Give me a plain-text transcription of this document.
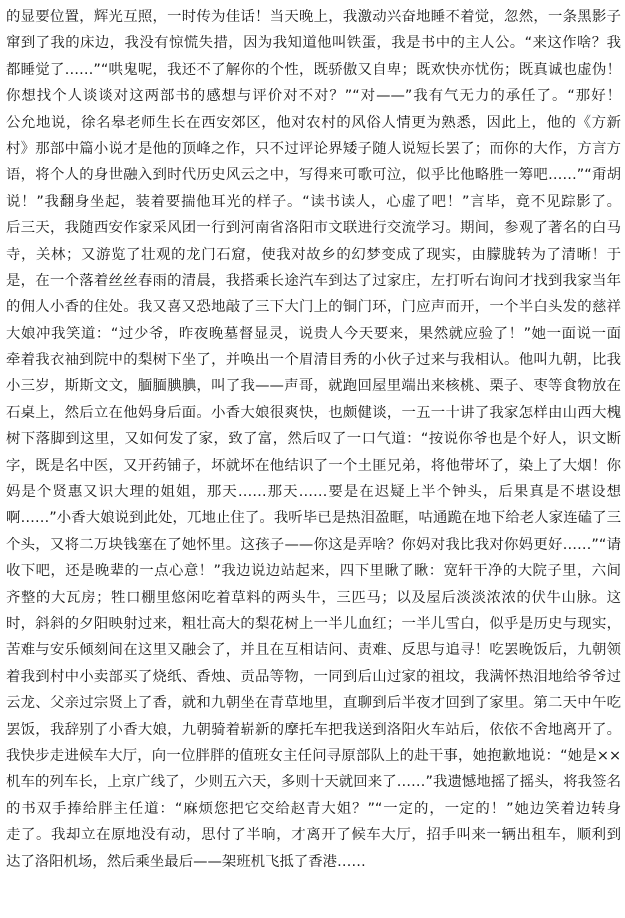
的显要位置，辉光互照，一时传为佳话！当天晚上，我激动兴奋地睡不着觉，忽然，一条黑影子
窜到了我的床边，我没有惊慌失措，因为我知道他叫铁蛋，我是书中的主人公。“来这作啥？我
都睡觉了……”“哄鬼呢，我还不了解你的个性，既骄傲又自卑；既欢快亦忧伤；既真诚也虚伪！
你想找个人谈谈对这两部书的感想与评价对不对？”“对——”我有气无力的承任了。“那好！
公允地说，徐名皋老师生长在西安郊区，他对农村的风俗人情更为熟悉，因此上，他的《方新
村》那部中篇小说才是他的顶峰之作，只不过评论界矮子随人说短长罢了；而你的大作，方言方
语，将个人的身世融入到时代历史风云之中，写得来可歌可泣，似乎比他略胜一筹吧……”“甭胡
说！”我翻身坐起，装着要揣他耳光的样子。“读书读人，心虚了吧！”言毕，竟不见踪影了。
后三天，我随西安作家采风团一行到河南省洛阳市文联进行交流学习。期间，参观了著名的白马
寺，关林；又游览了壮观的龙门石窟，使我对故乡的幻梦变成了现实，由朦胧转为了清晰！于
是，在一个落着丝丝春雨的清晨，我搭乘长途汽车到达了过家庄，左打听右询问才找到我家当年
的佣人小香的住处。我又喜又恐地敲了三下大门上的铜门环，门应声而开，一个半白头发的慈祥
大娘冲我笑道：“过少爷，昨夜晚墓督显灵，说贵人今天要来，果然就应验了！”她一面说一面
牵着我衣袖到院中的梨树下坐了，并唤出一个眉清目秀的小伙子过来与我相认。他叫九朝，比我
小三岁，斯斯文文，腼腼腆腆，叫了我——声哥，就跑回屋里端出来核桃、栗子、枣等食物放在
石桌上，然后立在他妈身后面。小香大娘很爽快，也颇健谈，一五一十讲了我家怎样由山西大槐
树下落脚到这里，又如何发了家，致了富，然后叹了一口气道：“按说你爷也是个好人，识文断
字，既是名中医，又开药铺子，坏就坏在他结识了一个土匪兄弟，将他带坏了，染上了大烟！你
妈是个贤惠又识大理的姐姐，那天……那天……要是在迟疑上半个钟头，后果真是不堪设想
啊……”小香大娘说到此处，兀地止住了。我听毕已是热泪盈眶，咕通跪在地下给老人家连磕了三
个头，又将二万块钱塞在了她怀里。这孩子——你这是弄啥？你妈对我比我对你妈更好……”“请
收下吧，还是晚辈的一点心意！”我边说边站起来，四下里瞅了瞅：宽轩干净的大院子里，六间
齐整的大瓦房；牲口棚里悠闲吃着草料的两头牛，三匹马；以及屋后淡淡浓浓的伏牛山脉。这
时，斜斜的夕阳映射过来，粗壮高大的梨花树上一半儿血红；一半儿雪白，似乎是历史与现实，
苦难与安乐倾刻间在这里又融会了，并且在互相诘问、责难、反思与追寻！吃罢晚饭后，九朝领
着我到村中小卖部买了烧纸、香烛、贡品等物，一同到后山过家的祖坟，我满怀热泪地给爷爷过
云龙、父亲过宗贤上了香，就和九朝坐在青草地里，直聊到后半夜才回到了家里。第二天中午吃
罢饭，我辞别了小香大娘，九朝骑着崭新的摩托车把我送到洛阳火车站后，依依不舍地离开了。
我快步走进候车大厅，向一位胖胖的值班女主任问寻原部队上的赴干事，她抱歉地说：“她是××
机车的列车长，上京广线了，少则五六天，多则十天就回来了……”我遗憾地摇了摇头，将我签名
的书双手捧给胖主任道：“麻烦您把它交给赵青大姐？”“一定的，一定的！”她边笑着边转身
走了。我却立在原地没有动，思付了半晌，才离开了候车大厅，招手叫来一辆出租车，顺利到
达了洛阳机场，然后乘坐最后——架班机飞抵了香港……
